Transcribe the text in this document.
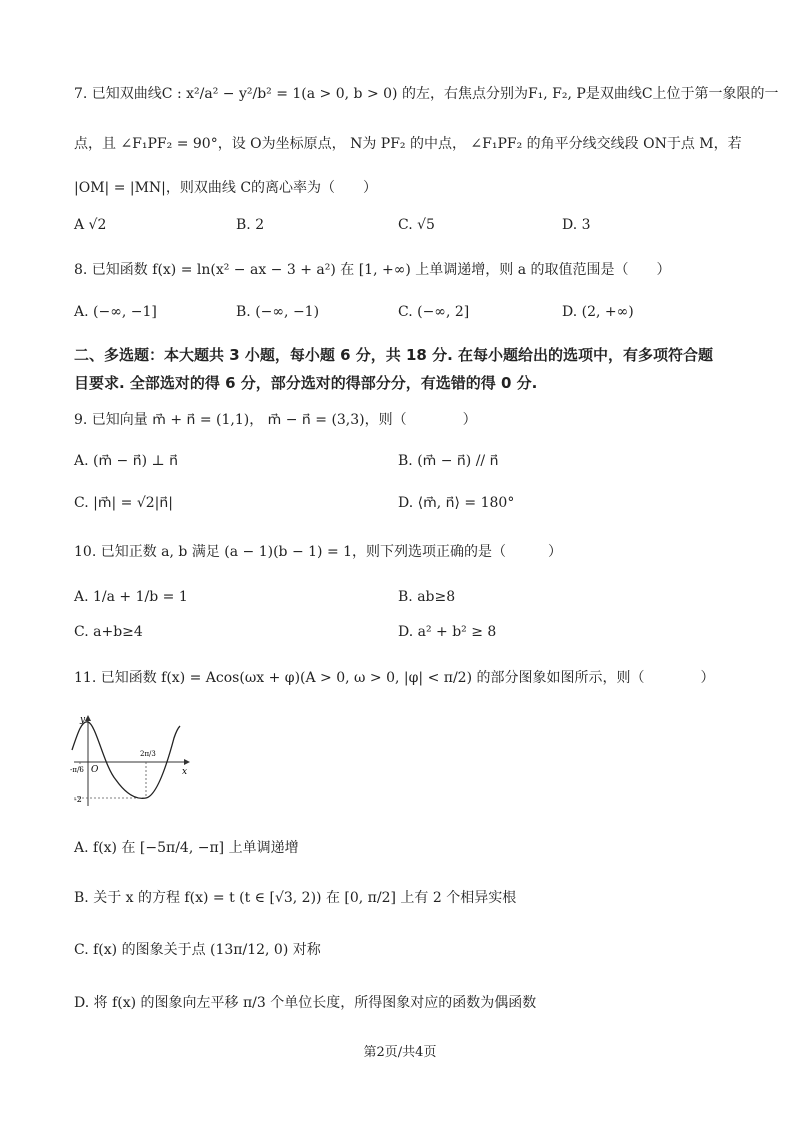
7. 已知双曲线C : x²/a² − y²/b² = 1(a > 0, b > 0) 的左，右焦点分别为F₁, F₂, P是双曲线C上位于第一象限的一
点，且 ∠F₁PF₂ = 90°，设 O为坐标原点， N为 PF₂ 的中点， ∠F₁PF₂ 的角平分线交线段 ON于点 M，若
|OM| = |MN|，则双曲线 C的离心率为（　　）
A √2	B. 2	C. √5	D. 3
8. 已知函数 f(x) = ln(x² − ax − 3 + a²) 在 [1, +∞) 上单调递增，则 a 的取值范围是（　　）
A. (−∞, −1]	B. (−∞, −1)	C. (−∞, 2]	D. (2, +∞)
二、多选题：本大题共 3 小题，每小题 6 分，共 18 分. 在每小题给出的选项中，有多项符合题
目要求. 全部选对的得 6 分，部分选对的得部分分，有选错的得 0 分.
9. 已知向量 m⃗ + n⃗ = (1,1)， m⃗ − n⃗ = (3,3)，则（　　　　）
A. (m⃗ − n⃗) ⊥ n⃗	B. (m⃗ − n⃗) // n⃗
C. |m⃗| = √2|n⃗|	D. ⟨m⃗, n⃗⟩ = 180°
10. 已知正数 a, b 满足 (a − 1)(b − 1) = 1，则下列选项正确的是（　　　）
A. 1/a + 1/b = 1	B. ab≥8
C. a+b≥4	D. a² + b² ≥ 8
11. 已知函数 f(x) = Acos(ωx + φ)(A > 0, ω > 0, |φ| < π/2) 的部分图象如图所示，则（　　　　）
y
x
O
-π/6
2π/3
-2
A. f(x) 在 [−5π/4, −π] 上单调递增
B. 关于 x 的方程 f(x) = t (t ∈ [√3, 2)) 在 [0, π/2] 上有 2 个相异实根
C. f(x) 的图象关于点 (13π/12, 0) 对称
D. 将 f(x) 的图象向左平移 π/3 个单位长度，所得图象对应的函数为偶函数
第2页/共4页
